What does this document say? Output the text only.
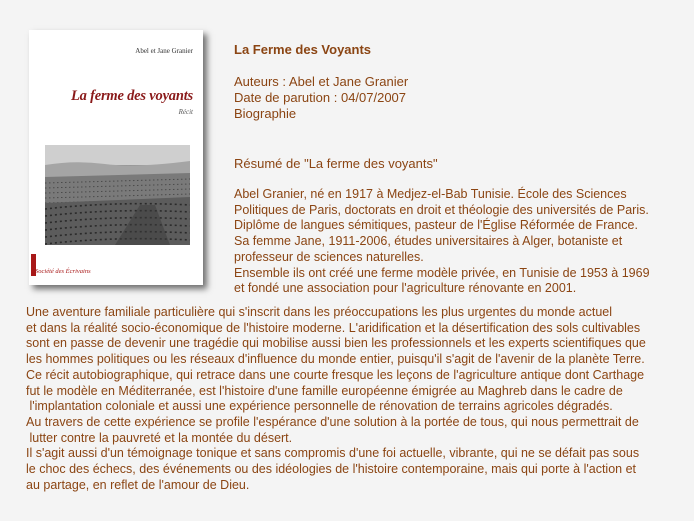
Abel et Jane Granier
La ferme des voyants
Récit
Société des Écrivains
La Ferme des Voyants
Auteurs : Abel et Jane Granier
Date de parution : 04/07/2007
Biographie
Résumé de "La ferme des voyants"
Abel Granier, né en 1917 à Medjez-el-Bab Tunisie. École des Sciences
Politiques de Paris, doctorats en droit et théologie des universités de Paris.
Diplôme de langues sémitiques, pasteur de l'Église Réformée de France.
Sa femme Jane, 1911-2006, études universitaires à Alger, botaniste et
professeur de sciences naturelles.
Ensemble ils ont créé une ferme modèle privée, en Tunisie de 1953 à 1969
et fondé une association pour l'agriculture rénovante en 2001.
Une aventure familiale particulière qui s'inscrit dans les préoccupations les plus urgentes du monde actuel
et dans la réalité socio-économique de l'histoire moderne. L'aridification et la désertification des sols cultivables
sont en passe de devenir une tragédie qui mobilise aussi bien les professionnels et les experts scientifiques que
les hommes politiques ou les réseaux d'influence du monde entier, puisqu'il s'agit de l'avenir de la planète Terre.
Ce récit autobiographique, qui retrace dans une courte fresque les leçons de l'agriculture antique dont Carthage
fut le modèle en Méditerranée, est l'histoire d'une famille européenne émigrée au Maghreb dans le cadre de
l'implantation coloniale et aussi une expérience personnelle de rénovation de terrains agricoles dégradés.
Au travers de cette expérience se profile l'espérance d'une solution à la portée de tous, qui nous permettrait de
lutter contre la pauvreté et la montée du désert.
Il s'agit aussi d'un témoignage tonique et sans compromis d'une foi actuelle, vibrante, qui ne se défait pas sous
le choc des échecs, des événements ou des idéologies de l'histoire contemporaine, mais qui porte à l'action et
au partage, en reflet de l'amour de Dieu.
